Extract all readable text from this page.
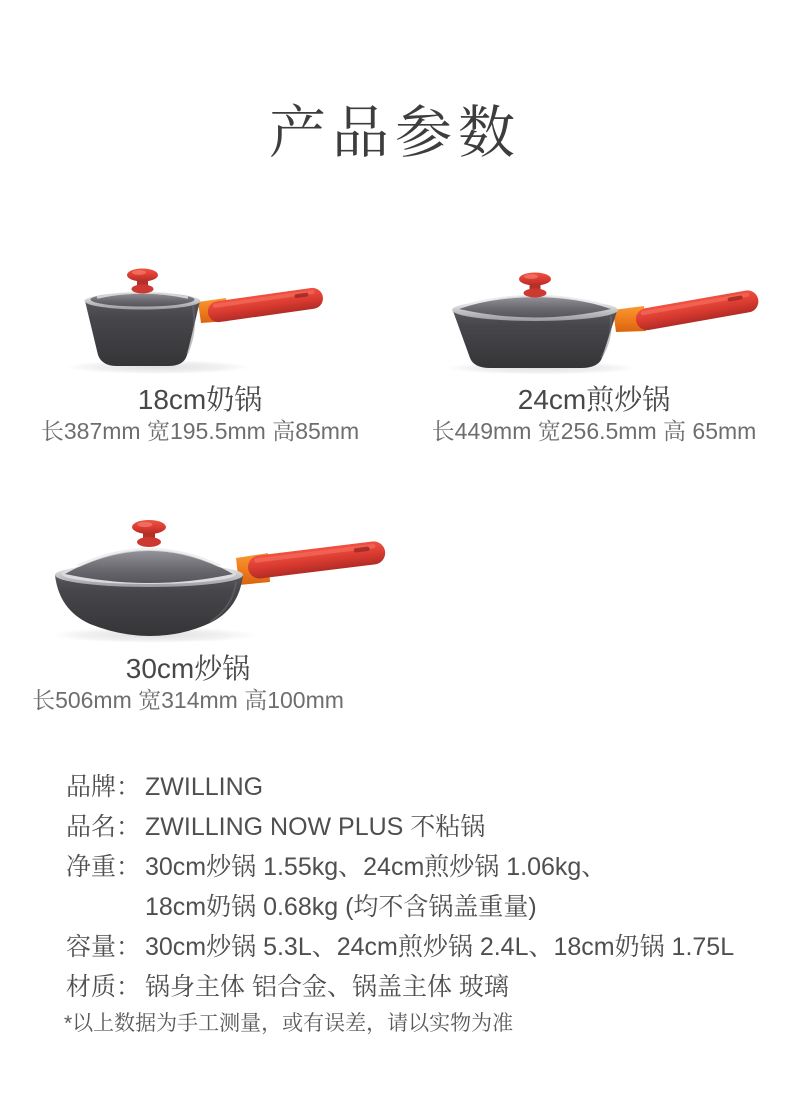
产品参数
18cm奶锅
长387mm 宽195.5mm 高85mm
24cm煎炒锅
长449mm 宽256.5mm 高 65mm
30cm炒锅
长506mm 宽314mm 高100mm
品牌： ZWILLING
品名： ZWILLING NOW PLUS 不粘锅
净重： 30cm炒锅 1.55kg、24cm煎炒锅 1.06kg、
18cm奶锅 0.68kg (均不含锅盖重量)
容量： 30cm炒锅 5.3L、24cm煎炒锅 2.4L、18cm奶锅 1.75L
材质： 锅身主体 铝合金、锅盖主体 玻璃

*以上数据为手工测量，或有误差，请以实物为准
